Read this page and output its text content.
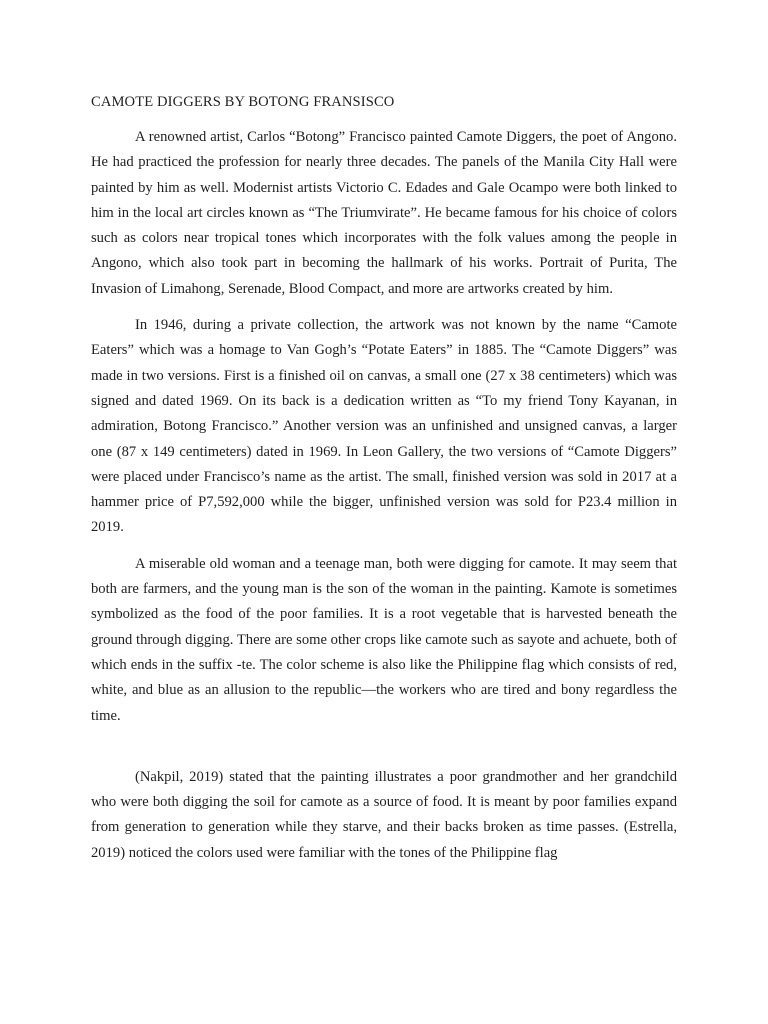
CAMOTE DIGGERS BY BOTONG FRANSISCO

A renowned artist, Carlos “Botong” Francisco painted Camote Diggers, the poet of Angono. He had practiced the profession for nearly three decades. The panels of the Manila City Hall were painted by him as well. Modernist artists Victorio C. Edades and Gale Ocampo were both linked to him in the local art circles known as “The Triumvirate”. He became famous for his choice of colors such as colors near tropical tones which incorporates with the folk values among the people in Angono, which also took part in becoming the hallmark of his works. Portrait of Purita, The Invasion of Limahong, Serenade, Blood Compact, and more are artworks created by him.

In 1946, during a private collection, the artwork was not known by the name “Camote Eaters” which was a homage to Van Gogh’s “Potate Eaters” in 1885. The “Camote Diggers” was made in two versions. First is a finished oil on canvas, a small one (27 x 38 centimeters) which was signed and dated 1969. On its back is a dedication written as “To my friend Tony Kayanan, in admiration, Botong Francisco.” Another version was an unfinished and unsigned canvas, a larger one (87 x 149 centimeters) dated in 1969. In Leon Gallery, the two versions of “Camote Diggers” were placed under Francisco’s name as the artist. The small, finished version was sold in 2017 at a hammer price of P7,592,000 while the bigger, unfinished version was sold for P23.4 million in 2019.

A miserable old woman and a teenage man, both were digging for camote. It may seem that both are farmers, and the young man is the son of the woman in the painting. Kamote is sometimes symbolized as the food of the poor families. It is a root vegetable that is harvested beneath the ground through digging. There are some other crops like camote such as sayote and achuete, both of which ends in the suffix -te. The color scheme is also like the Philippine flag which consists of red, white, and blue as an allusion to the republic—the workers who are tired and bony regardless the time.

(Nakpil, 2019) stated that the painting illustrates a poor grandmother and her grandchild who were both digging the soil for camote as a source of food. It is meant by poor families expand from generation to generation while they starve, and their backs broken as time passes. (Estrella, 2019) noticed the colors used were familiar with the tones of the Philippine flag
